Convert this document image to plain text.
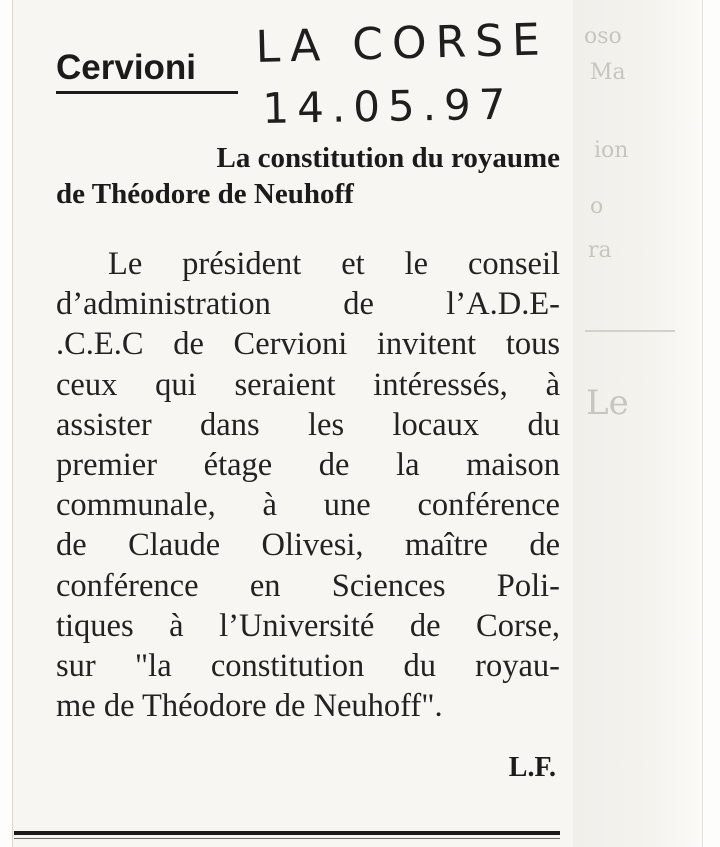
oso
Ma
ion
o
ra
Le
Cervioni LA CORSE

14.05.97

La constitution du royaume
de Théodore de Neuhoff
Le président et le conseil
d’administration de l’A.D.E-
.C.E.C de Cervioni invitent tous
ceux qui seraient intéressés, à
assister dans les locaux du
premier étage de la maison
communale, à une conférence
de Claude Olivesi, maître de
conférence en Sciences Poli-
tiques à l’Université de Corse,
sur "la constitution du royau-
me de Théodore de Neuhoff".

L.F.
